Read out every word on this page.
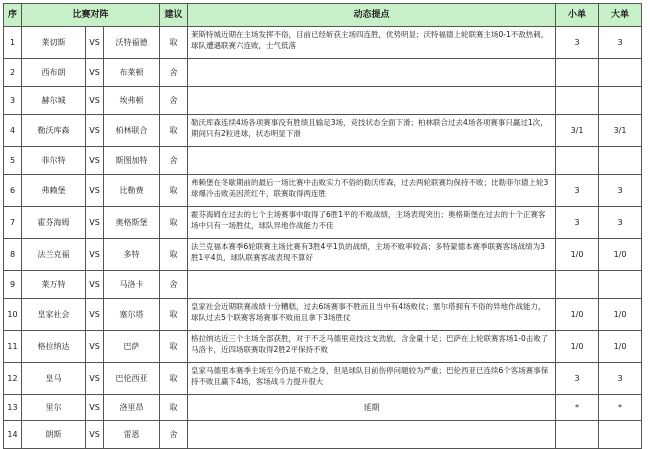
序	比赛对阵			建议	动态提点	小单	大单
1	莱切斯	VS	沃特福德	取	莱斯特城近期在主场发挥不俗，目前已经斩获主场四连胜，优势明显；沃特福德上轮联赛主场0-1不敌热刺，球队遭遇联赛六连败，士气低落	3	3
2	西布朗	VS	布莱顿	舍			
3	赫尔城	VS	埃弗顿	舍			
4	勒沃库森	VS	柏林联合	取	勒沃库森连续4场各项赛事没有胜绩且输足3场，竞技状态全面下滑；柏林联合过去4场各项赛事只赢过1次，期间只有2粒进球，状态明显下滑	3/1	3/1
5	菲尔特	VS	斯图加特	舍			
6	弗赖堡	VS	比勒费	取	弗赖堡在冬歇期前的最后一场比赛中击败实力不俗的勒沃库森，过去两轮联赛均保持不败；比勒菲尔德上轮3球爆冷击败美因茨红牛，联赛取得两连胜	3	3
7	霍芬海姆	VS	奥格斯堡	取	霍芬海姆在过去的七个主场赛事中取得了6胜1平的不败战绩，主场表现突出；奥格斯堡在过去的十个正赛客场中只有一场胜仗，球队异地作战能力不佳	3	3
8	法兰克福	VS	多特	取	法兰克福本赛季6轮联赛主场比赛有3胜4平1负的战绩，主场不败率较高；多特蒙德本赛季联赛客场战绩为3胜1平4负，球队联赛客战表现不算好	1/0	1/0
9	莱万特	VS	马洛卡	舍			
10	皇家社会	VS	塞尔塔	取	皇家社会近期联赛战绩十分糟糕，过去6场赛事不胜而且当中有4场败仗；塞尔塔拥有不俗的异地作战能力，球队过去5个联赛客场赛事不败而且拿下3场胜仗	1/0	1/0
11	格拉纳达	VS	巴萨	取	格拉纳达近三个主场全部获胜，对于不乏马德里竞技这支劲旅，含金量十足；巴萨在上轮联赛客场1-0击败了马洛卡，近四场联赛取得2胜2平保持不败	1/0	1/0
12	皇马	VS	巴伦西亚	取	皇家马德里本赛季主场至今仍是不败之身，但是球队目前伤停问题较为严重；巴伦西亚已连续6个客场赛事保持不败且赢下4场，客场战斗力提升很大	3	3
13	里尔	VS	洛里昂	取	延期	*	*
14	朗斯	VS	雷恩	舍			
